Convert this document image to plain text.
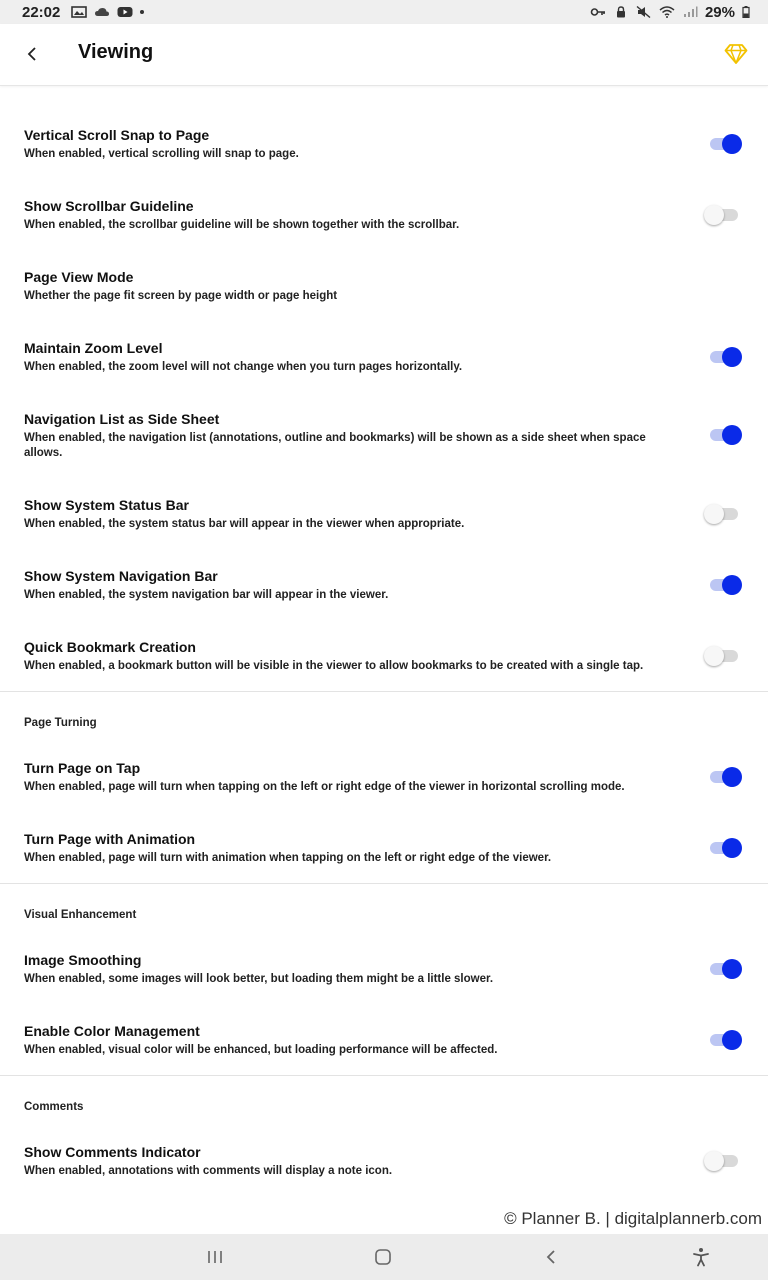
22:02	29%
Viewing
Vertical Scroll Snap to Page
When enabled, vertical scrolling will snap to page.
Show Scrollbar Guideline
When enabled, the scrollbar guideline will be shown together with the scrollbar.
Page View Mode
Whether the page fit screen by page width or page height
Maintain Zoom Level
When enabled, the zoom level will not change when you turn pages horizontally.
Navigation List as Side Sheet
When enabled, the navigation list (annotations, outline and bookmarks) will be shown as a side sheet when space allows.
Show System Status Bar
When enabled, the system status bar will appear in the viewer when appropriate.
Show System Navigation Bar
When enabled, the system navigation bar will appear in the viewer.
Quick Bookmark Creation
When enabled, a bookmark button will be visible in the viewer to allow bookmarks to be created with a single tap.
Page Turning
Turn Page on Tap
When enabled, page will turn when tapping on the left or right edge of the viewer in horizontal scrolling mode.
Turn Page with Animation
When enabled, page will turn with animation when tapping on the left or right edge of the viewer.
Visual Enhancement
Image Smoothing
When enabled, some images will look better, but loading them might be a little slower.
Enable Color Management
When enabled, visual color will be enhanced, but loading performance will be affected.
Comments
Show Comments Indicator
When enabled, annotations with comments will display a note icon.
© Planner B. | digitalplannerb.com
